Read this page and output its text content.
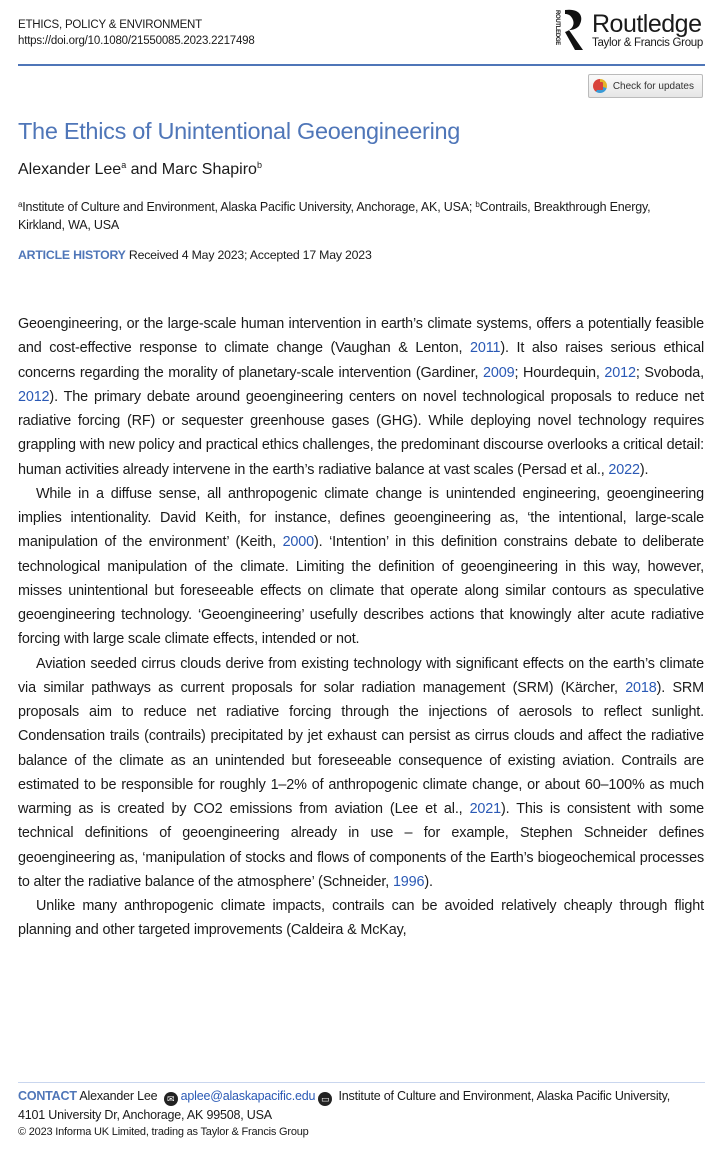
ETHICS, POLICY & ENVIRONMENT
https://doi.org/10.1080/21550085.2023.2217498	ROUTLEDGE Routledge
Taylor & Francis Group
Check for updates
The Ethics of Unintentional Geoengineering
Alexander Lee$^a$ and Marc Shapiro$^b$
$^a$Institute of Culture and Environment, Alaska Pacific University, Anchorage, AK, USA; $^b$Contrails, Breakthrough Energy, Kirkland, WA, USA
ARTICLE HISTORY Received 4 May 2023; Accepted 17 May 2023

Geoengineering, or the large-scale human intervention in earth’s climate systems, offers a potentially feasible and cost-effective response to climate change (Vaughan & Lenton, 2011). It also raises serious ethical concerns regarding the morality of planetary-scale intervention (Gardiner, 2009; Hourdequin, 2012; Svoboda, 2012). The primary debate around geoengineering centers on novel technological proposals to reduce net radiative forcing (RF) or sequester greenhouse gases (GHG). While deploying novel technology requires grappling with new policy and practical ethics challenges, the predominant discourse overlooks a critical detail: human activities already intervene in the earth’s radiative balance at vast scales (Persad et al., 2022).

While in a diffuse sense, all anthropogenic climate change is unintended engineering, geoengineering implies intentionality. David Keith, for instance, defines geoengineering as, ‘the intentional, large-scale manipulation of the environment’ (Keith, 2000). ‘Intention’ in this definition constrains debate to deliberate technological manipulation of the climate. Limiting the definition of geoengineering in this way, however, misses unintentional but foreseeable effects on climate that operate along similar contours as speculative geoengineering technology. ‘Geoengineering’ usefully describes actions that knowingly alter acute radiative forcing with large scale climate effects, intended or not.

Aviation seeded cirrus clouds derive from existing technology with significant effects on the earth’s climate via similar pathways as current proposals for solar radiation management (SRM) (Kärcher, 2018). SRM proposals aim to reduce net radiative forcing through the injections of aerosols to reflect sunlight. Condensation trails (contrails) precipitated by jet exhaust can persist as cirrus clouds and affect the radiative balance of the climate as an unintended but foreseeable consequence of existing aviation. Contrails are estimated to be responsible for roughly 1–2% of anthropogenic climate change, or about 60–100% as much warming as is created by CO2 emissions from aviation (Lee et al., 2021). This is consistent with some technical definitions of geoengineering already in use – for example, Stephen Schneider defines geoengineering as, ‘manipulation of stocks and flows of components of the Earth’s biogeochemical processes to alter the radiative balance of the atmosphere’ (Schneider, 1996).

Unlike many anthropogenic climate impacts, contrails can be avoided relatively cheaply through flight planning and other targeted improvements (Caldeira & McKay,

CONTACT Alexander Lee ✉ aplee@alaskapacific.edu ▭ Institute of Culture and Environment, Alaska Pacific University, 4101 University Dr, Anchorage, AK 99508, USA
© 2023 Informa UK Limited, trading as Taylor & Francis Group
